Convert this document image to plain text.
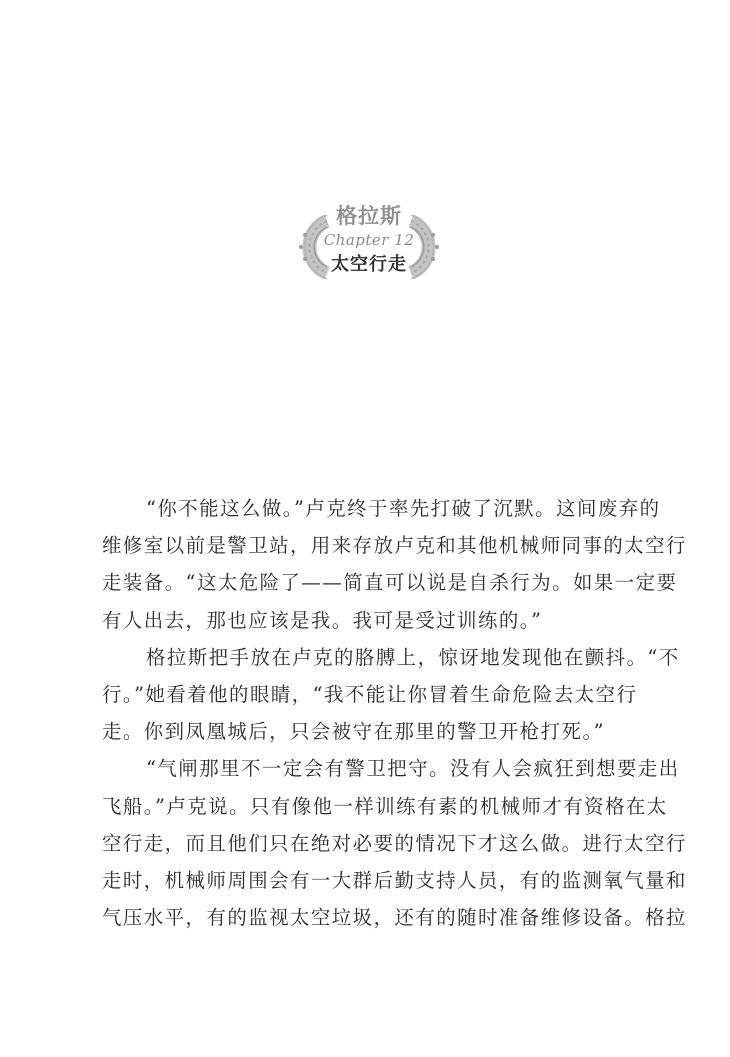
格拉斯
Chapter 12
太空行走
“你不能这么做。”卢克终于率先打破了沉默。这间废弃的
维修室以前是警卫站，用来存放卢克和其他机械师同事的太空行
走装备。“这太危险了——简直可以说是自杀行为。如果一定要
有人出去，那也应该是我。我可是受过训练的。”
格拉斯把手放在卢克的胳膊上，惊讶地发现他在颤抖。“不
行。”她看着他的眼睛，“我不能让你冒着生命危险去太空行
走。你到凤凰城后，只会被守在那里的警卫开枪打死。”
“气闸那里不一定会有警卫把守。没有人会疯狂到想要走出
飞船。”卢克说。只有像他一样训练有素的机械师才有资格在太
空行走，而且他们只在绝对必要的情况下才这么做。进行太空行
走时，机械师周围会有一大群后勤支持人员，有的监测氧气量和
气压水平，有的监视太空垃圾，还有的随时准备维修设备。格拉
